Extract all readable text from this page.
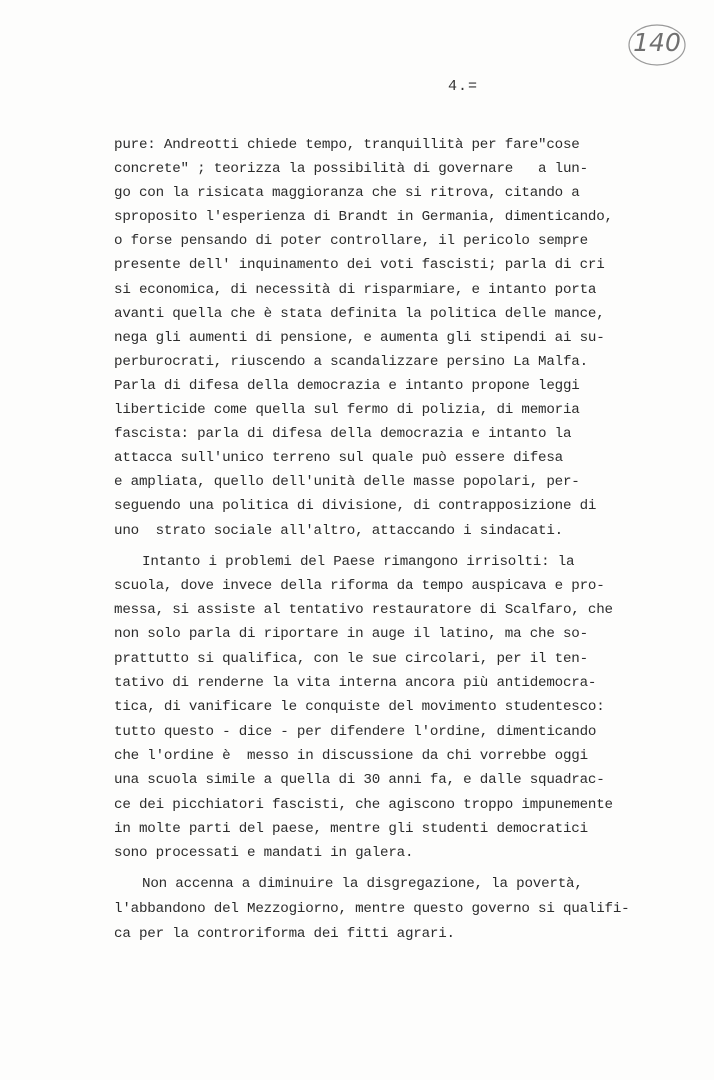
140
4.=
pure: Andreotti chiede tempo, tranquillità per fare"cose
concrete" ; teorizza la possibilità di governare   a lun-
go con la risicata maggioranza che si ritrova, citando a
sproposito l'esperienza di Brandt in Germania, dimenticando,
o forse pensando di poter controllare, il pericolo sempre
presente dell' inquinamento dei voti fascisti; parla di cri
si economica, di necessità di risparmiare, e intanto porta
avanti quella che è stata definita la politica delle mance,
nega gli aumenti di pensione, e aumenta gli stipendi ai su-
perburocrati, riuscendo a scandalizzare persino La Malfa.
Parla di difesa della democrazia e intanto propone leggi
liberticide come quella sul fermo di polizia, di memoria
fascista: parla di difesa della democrazia e intanto la
attacca sull'unico terreno sul quale può essere difesa
e ampliata, quello dell'unità delle masse popolari, per-
seguendo una politica di divisione, di contrapposizione di
uno  strato sociale all'altro, attaccando i sindacati.
Intanto i problemi del Paese rimangono irrisolti: la
scuola, dove invece della riforma da tempo auspicava e pro-
messa, si assiste al tentativo restauratore di Scalfaro, che
non solo parla di riportare in auge il latino, ma che so-
prattutto si qualifica, con le sue circolari, per il ten-
tativo di renderne la vita interna ancora più antidemocra-
tica, di vanificare le conquiste del movimento studentesco:
tutto questo - dice - per difendere l'ordine, dimenticando
che l'ordine è  messo in discussione da chi vorrebbe oggi
una scuola simile a quella di 30 anni fa, e dalle squadrac-
ce dei picchiatori fascisti, che agiscono troppo impunemente
in molte parti del paese, mentre gli studenti democratici
sono processati e mandati in galera.
Non accenna a diminuire la disgregazione, la povertà,
l'abbandono del Mezzogiorno, mentre questo governo si qualifi-
ca per la controriforma dei fitti agrari.
